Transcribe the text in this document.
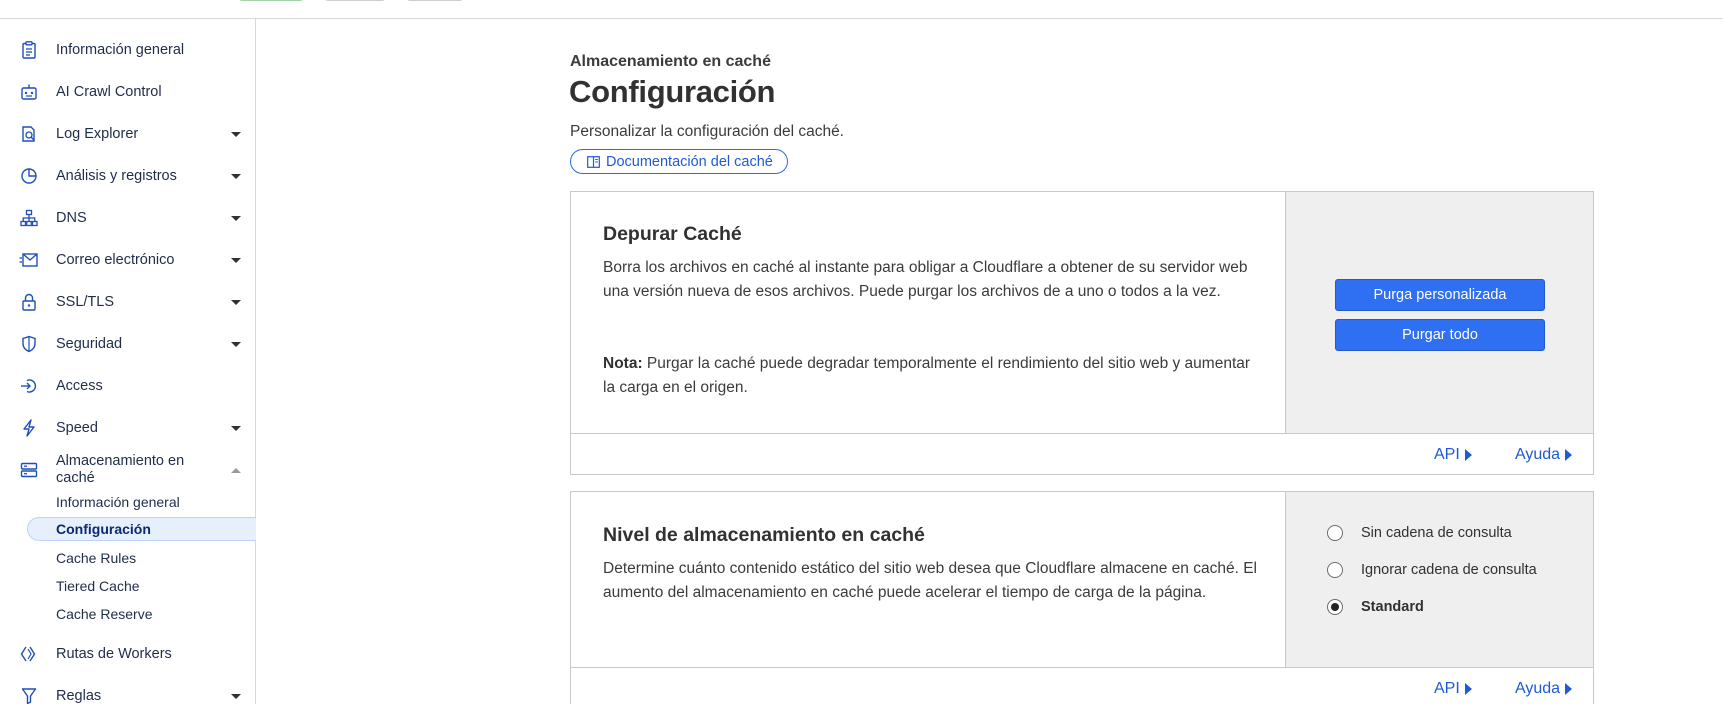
Información general
AI Crawl Control
Log Explorer
Análisis y registros
DNS
Correo electrónico
SSL/TLS
Seguridad
Access
Speed
Almacenamiento en caché
Información general
Configuración
Cache Rules
Tiered Cache
Cache Reserve
Rutas de Workers
Reglas
Almacenamiento en caché
Configuración
Personalizar la configuración del caché.
Documentación del caché
Depurar Caché

Borra los archivos en caché al instante para obligar a Cloudflare a obtener de su servidor web una versión nueva de esos archivos. Puede purgar los archivos de a uno o todos a la vez.

Nota: Purgar la caché puede degradar temporalmente el rendimiento del sitio web y aumentar la carga en el origen.

Purga personalizada
Purgar todo
API	Ayuda
Nivel de almacenamiento en caché

Determine cuánto contenido estático del sitio web desea que Cloudflare almacene en caché. El aumento del almacenamiento en caché puede acelerar el tiempo de carga de la página.

Sin cadena de consulta
Ignorar cadena de consulta
Standard
API	Ayuda
